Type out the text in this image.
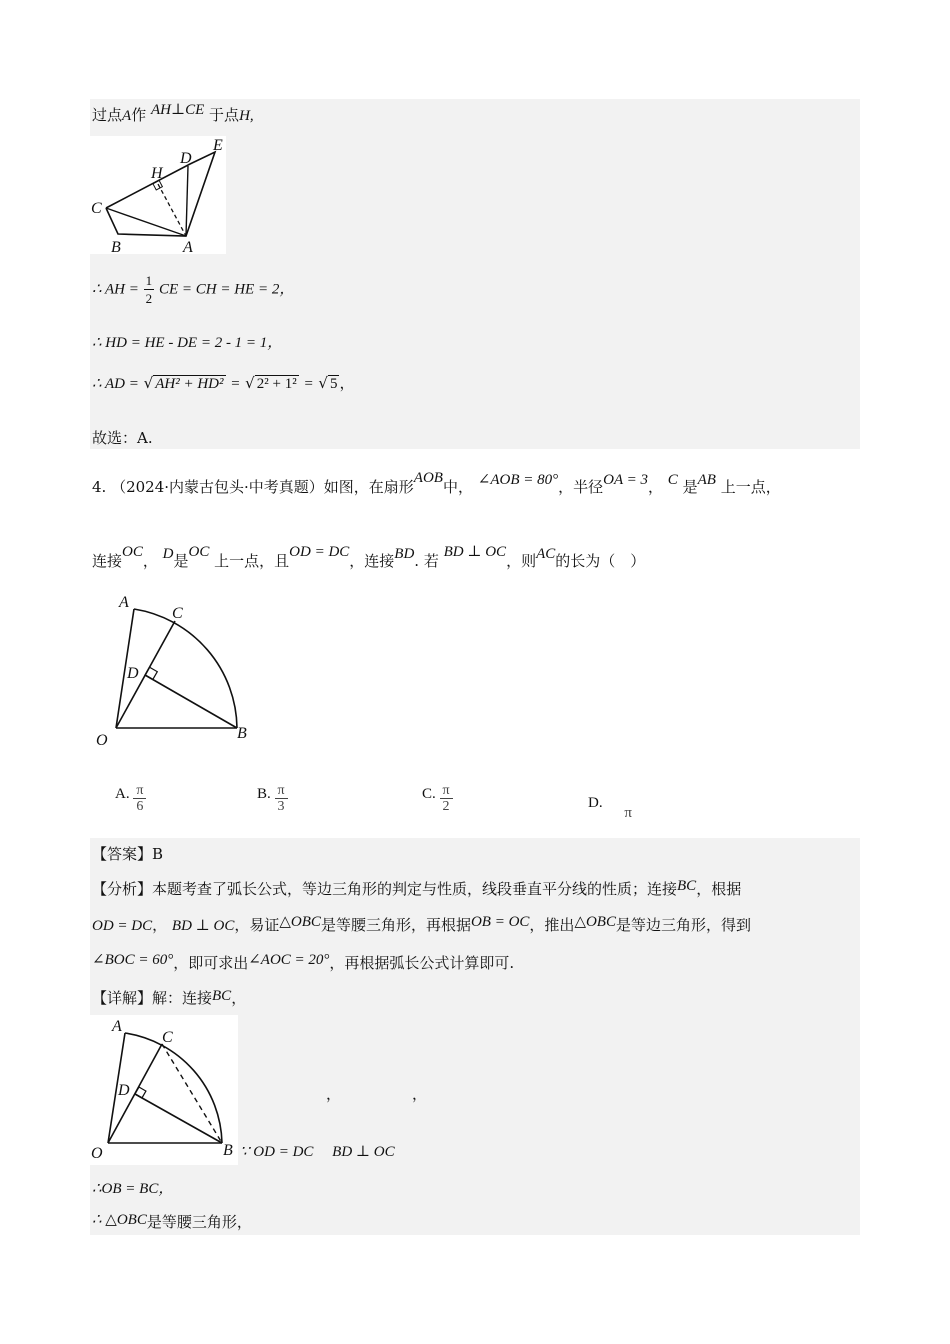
过点A作 AH⊥CE 于点H,
E
D
H
C
B	A
∴ AH = $\frac{1}{2}$ CE = CH = HE = 2，
∴ HD = HE - DE = 2 - 1 = 1，
∴ AD = √ AH² + HD² = √ 2² + 1² = √ 5 ，
故选：A.
4. （2024·内蒙古包头·中考真题）如图，在扇形AOB中， ∠AOB = 80°，半径OA = 3， C 是AB 上一点，
连接OC， D是OC 上一点，且OD = DC，连接BD. 若 BD ⊥ OC，则AC的长为（　）
A
C
D
O	B
A. $\frac{\pi}{6}$	B. $\frac{\pi}{3}$	C. $\frac{\pi}{2}$	D. π
【答案】B
【分析】本题考查了弧长公式，等边三角形的判定与性质，线段垂直平分线的性质；连接BC，根据
OD = DC， BD ⊥ OC，易证△OBC是等腰三角形，再根据OB = OC，推出△OBC是等边三角形，得到
∠BOC = 60°，即可求出∠AOC = 20°，再根据弧长公式计算即可.
【详解】解：连接BC，
A
C
D
O	B
，	，
∵ OD = DC　 BD ⊥ OC
∴OB = BC，
∴ △OBC是等腰三角形，
